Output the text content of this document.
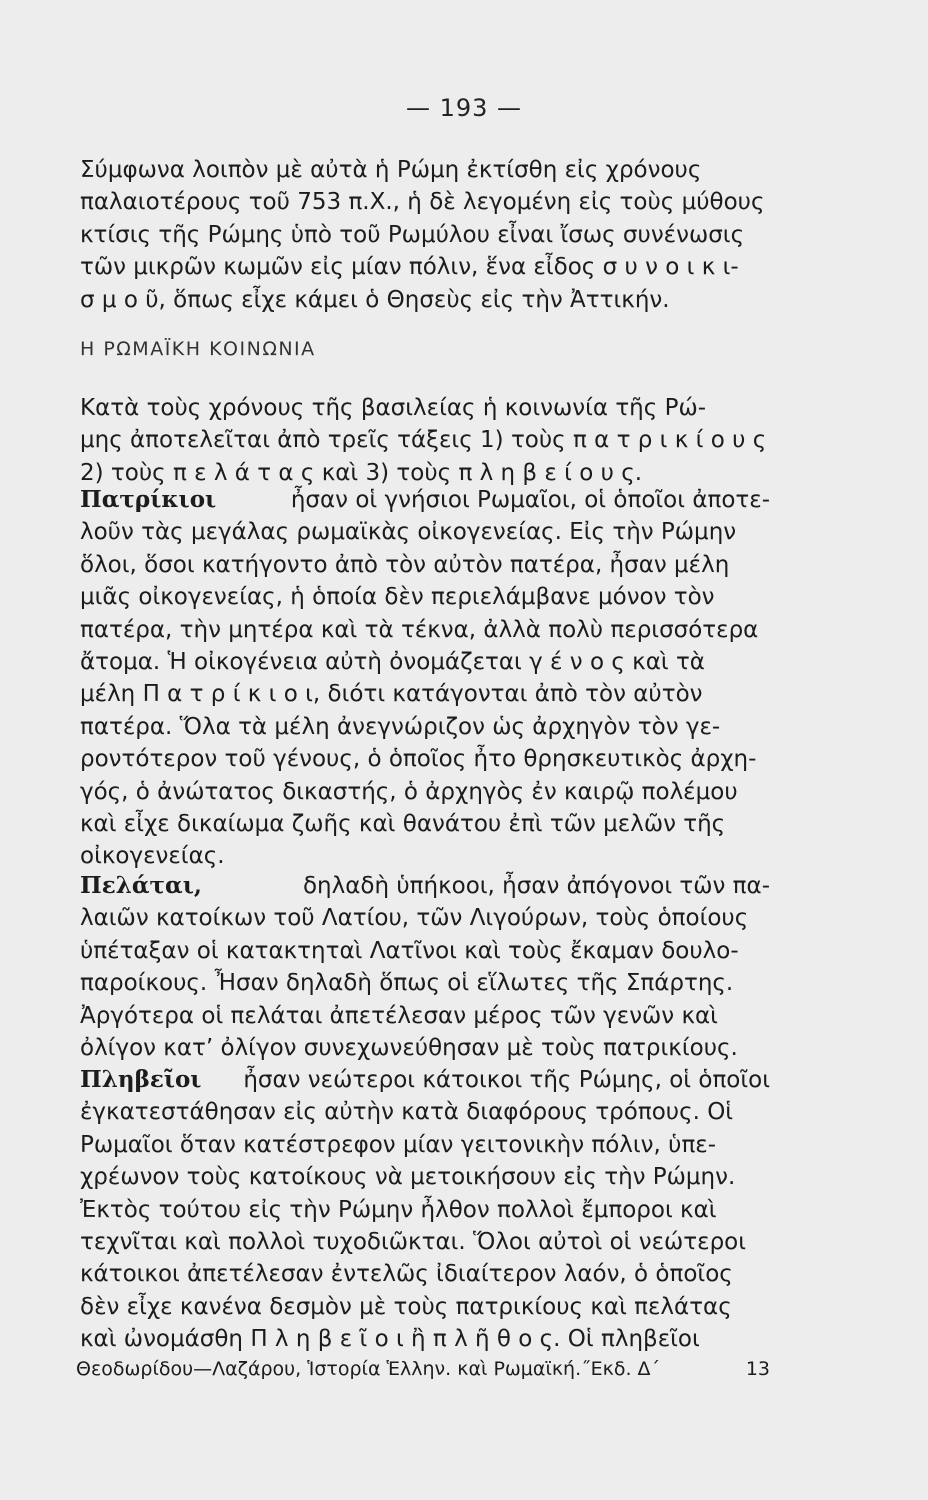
— 193 —
Σύμφωνα λοιπὸν μὲ αὐτὰ ἡ Ρώμη ἐκτίσθη εἰς χρόνους
παλαιοτέρους τοῦ 753 π.Χ., ἡ δὲ λεγομένη εἰς τοὺς μύθους
κτίσις τῆς Ρώμης ὑπὸ τοῦ Ρωμύλου εἶναι ἴσως συνένωσις
τῶν μικρῶν κωμῶν εἰς μίαν πόλιν, ἕνα εἶδος σ υ ν ο ι κ ι-
σ μ ο ῦ, ὅπως εἶχε κάμει ὁ Θησεὺς εἰς τὴν Ἀττικήν.
Η ΡΩΜΑΪΚΗ ΚΟΙΝΩΝΙΑ
Κατὰ τοὺς χρόνους τῆς βασιλείας ἡ κοινωνία τῆς Ρώ-
μης ἀποτελεῖται ἀπὸ τρεῖς τάξεις 1) τοὺς π α τ ρ ι κ ί ο υ ς
2) τοὺς π ε λ ά τ α ς καὶ 3) τοὺς π λ η β ε ί ο υ ς.
Πατρίκιοι	ἦσαν οἱ γνήσιοι Ρωμαῖοι, οἱ ὁποῖοι ἀποτε-
λοῦν τὰς μεγάλας ρωμαϊκὰς οἰκογενείας. Εἰς τὴν Ρώμην
ὅλοι, ὅσοι κατήγοντο ἀπὸ τὸν αὐτὸν πατέρα, ἦσαν μέλη
μιᾶς οἰκογενείας, ἡ ὁποία δὲν περιελάμβανε μόνον τὸν
πατέρα, τὴν μητέρα καὶ τὰ τέκνα, ἀλλὰ πολὺ περισσότερα
ἄτομα. Ἡ οἰκογένεια αὐτὴ ὀνομάζεται γ έ ν ο ς καὶ τὰ
μέλη Π α τ ρ ί κ ι ο ι, διότι κατάγονται ἀπὸ τὸν αὐτὸν
πατέρα. Ὅλα τὰ μέλη ἀνεγνώριζον ὡς ἀρχηγὸν τὸν γε-
ροντότερον τοῦ γένους, ὁ ὁποῖος ἦτο θρησκευτικὸς ἀρχη-
γός, ὁ ἀνώτατος δικαστής, ὁ ἀρχηγὸς ἐν καιρῷ πολέμου
καὶ εἶχε δικαίωμα ζωῆς καὶ θανάτου ἐπὶ τῶν μελῶν τῆς
οἰκογενείας.
Πελάται,	δηλαδὴ ὑπήκοοι, ἦσαν ἀπόγονοι τῶν πα-
λαιῶν κατοίκων τοῦ Λατίου, τῶν Λιγούρων, τοὺς ὁποίους
ὑπέταξαν οἱ κατακτηταὶ Λατῖνοι καὶ τοὺς ἔκαμαν δουλο-
παροίκους. Ἦσαν δηλαδὴ ὅπως οἱ εἵλωτες τῆς Σπάρτης.
Ἀργότερα οἱ πελάται ἀπετέλεσαν μέρος τῶν γενῶν καὶ
ὀλίγον κατ’ ὀλίγον συνεχωνεύθησαν μὲ τοὺς πατρικίους.
Πληβεῖοι ἦσαν νεώτεροι κάτοικοι τῆς Ρώμης, οἱ ὁποῖοι
ἐγκατεστάθησαν εἰς αὐτὴν κατὰ διαφόρους τρόπους. Οἱ
Ρωμαῖοι ὅταν κατέστρεφον μίαν γειτονικὴν πόλιν, ὑπε-
χρέωνον τοὺς κατοίκους νὰ μετοικήσουν εἰς τὴν Ρώμην.
Ἐκτὸς τούτου εἰς τὴν Ρώμην ἦλθον πολλοὶ ἔμποροι καὶ
τεχνῖται καὶ πολλοὶ τυχοδιῶκται. Ὅλοι αὐτοὶ οἱ νεώτεροι
κάτοικοι ἀπετέλεσαν ἐντελῶς ἰδιαίτερον λαόν, ὁ ὁποῖος
δὲν εἶχε κανένα δεσμὸν μὲ τοὺς πατρικίους καὶ πελάτας
καὶ ὠνομάσθη Π λ η β ε ῖ ο ι ἢ π λ ῆ θ ο ς. Οἱ πληβεῖοι
Θεοδωρίδου—Λαζάρου, Ἱστορία Ἑλλην. καὶ Ρωμαϊκή.˝Εκδ. Δ΄	13
